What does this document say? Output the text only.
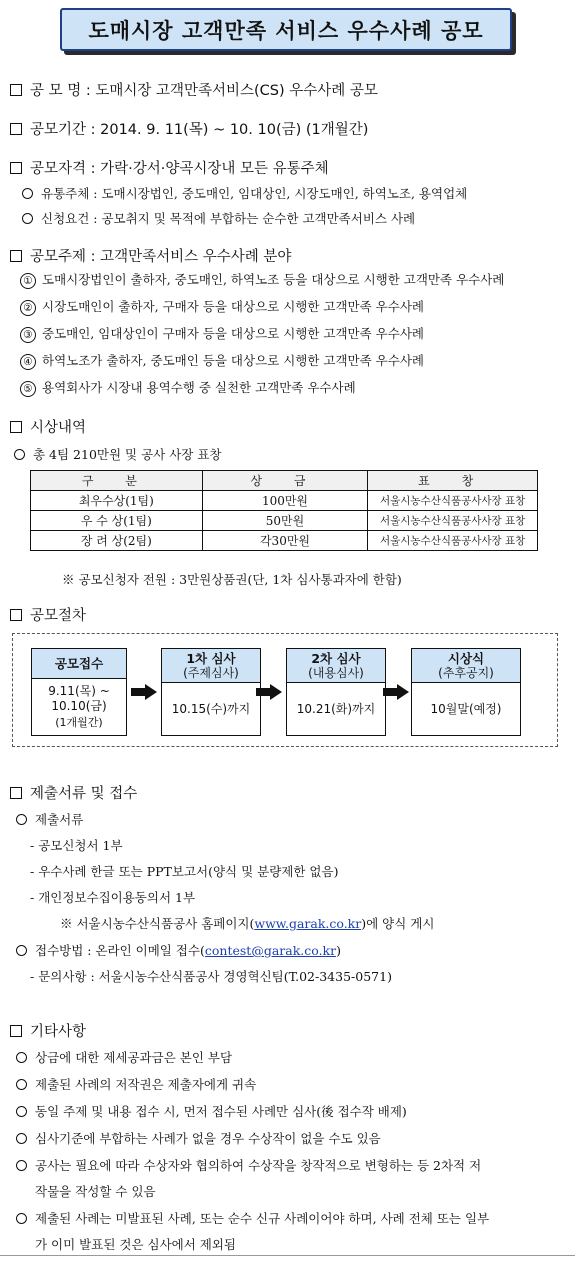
도매시장 고객만족 서비스 우수사례 공모
공 모 명 : 도매시장 고객만족서비스(CS) 우수사례 공모
공모기간 : 2014. 9. 11(목) ~ 10. 10(금) (1개월간)
공모자격 : 가락·강서·양곡시장내 모든 유통주체
유통주체 : 도매시장법인, 중도매인, 임대상인, 시장도매인, 하역노조, 용역업체
신청요건 : 공모취지 및 목적에 부합하는 순수한 고객만족서비스 사례
공모주제 : 고객만족서비스 우수사례 분야
① 도매시장법인이 출하자, 중도매인, 하역노조 등을 대상으로 시행한 고객만족 우수사례
② 시장도매인이 출하자, 구매자 등을 대상으로 시행한 고객만족 우수사례
③ 중도매인, 임대상인이 구매자 등을 대상으로 시행한 고객만족 우수사례
④ 하역노조가 출하자, 중도매인 등을 대상으로 시행한 고객만족 우수사례
⑤ 용역회사가 시장내 용역수행 중 실천한 고객만족 우수사례
시상내역
총 4팀 210만원 및 공사 사장 표창
구 분	상 금	표 창
최우수상(1팀)	100만원	서울시농수산식품공사사장 표창
우 수 상(1팀)	50만원	서울시농수산식품공사사장 표창
장 려 상(2팀)	각30만원	서울시농수산식품공사사장 표창
※ 공모신청자 전원 : 3만원상품권(단, 1차 심사통과자에 한함)
공모절차
공모접수
9.11(목) ~ 10.10(금)
(1개월간)
1차 심사
(주제심사)
10.15(수)까지
2차 심사
(내용심사)
10.21(화)까지
시상식
(추후공지)
10월말(예정)
제출서류 및 접수
제출서류
- 공모신청서 1부
- 우수사례 한글 또는 PPT보고서(양식 및 분량제한 없음)
- 개인정보수집이용동의서 1부
※ 서울시농수산식품공사 홈페이지(www.garak.co.kr)에 양식 게시
접수방법 : 온라인 이메일 접수(contest@garak.co.kr)
- 문의사항 : 서울시농수산식품공사 경영혁신팀(T.02-3435-0571)
기타사항
상금에 대한 제세공과금은 본인 부담
제출된 사례의 저작권은 제출자에게 귀속
동일 주제 및 내용 접수 시, 먼저 접수된 사례만 심사(後 접수작 배제)
심사기준에 부합하는 사례가 없을 경우 수상작이 없을 수도 있음
공사는 필요에 따라 수상자와 협의하여 수상작을 창작적으로 변형하는 등 2차적 저
작물을 작성할 수 있음
제출된 사례는 미발표된 사례, 또는 순수 신규 사례이어야 하며, 사례 전체 또는 일부
가 이미 발표된 것은 심사에서 제외됨
